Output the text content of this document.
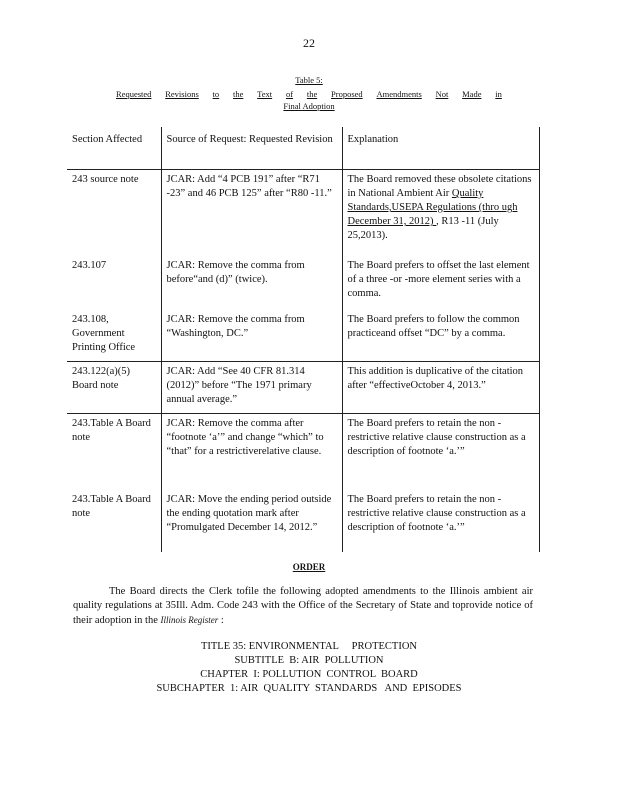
22
Table 5:
Requested Revisions to the Text of the Proposed Amendments Not Made in
Final Adoption
Section Affected	Source of Request: Requested Revision	Explanation
243 source note	JCAR: Add “4 PCB 191” after “R71 -23” and 46 PCB 125” after “R80 -11.”	The Board removed these obsolete citations in National Ambient Air Quality Standards,USEPA Regulations (thro ugh December 31, 2012) , R13 -11 (July 25,2013).
243.107	JCAR: Remove the comma from before“and (d)” (twice).	The Board prefers to offset the last element of a three -or -more element series with a comma.
243.108, Government Printing Office	JCAR: Remove the comma from “Washington, DC.”	The Board prefers to follow the common practiceand offset “DC” by a comma.
243.122(a)(5) Board note	JCAR: Add “See 40 CFR 81.314 (2012)” before “The 1971 primary annual average.”	This addition is duplicative of the citation after “effectiveOctober 4, 2013.”
243.Table A Board note	JCAR: Remove the comma after “footnote ‘a’” and change “which” to “that” for a restrictiverelative clause.	The Board prefers to retain the non - restrictive relative clause construction as a description of footnote ‘a.’”
243.Table A Board note	JCAR: Move the ending period outside the ending quotation mark after “Promulgated December 14, 2012.”	The Board prefers to retain the non - restrictive relative clause construction as a description of footnote ‘a.’”
ORDER

The Board directs the Clerk tofile the following adopted amendments to the Illinois ambient air quality regulations at 35Ill. Adm. Code 243 with the Office of the Secretary of State and toprovide notice of their adoption in the Illinois Register :

TITLE 35: ENVIRONMENTAL     PROTECTION
SUBTITLE  B: AIR  POLLUTION
CHAPTER  I: POLLUTION  CONTROL  BOARD
SUBCHAPTER  1: AIR  QUALITY  STANDARDS   AND  EPISODES
